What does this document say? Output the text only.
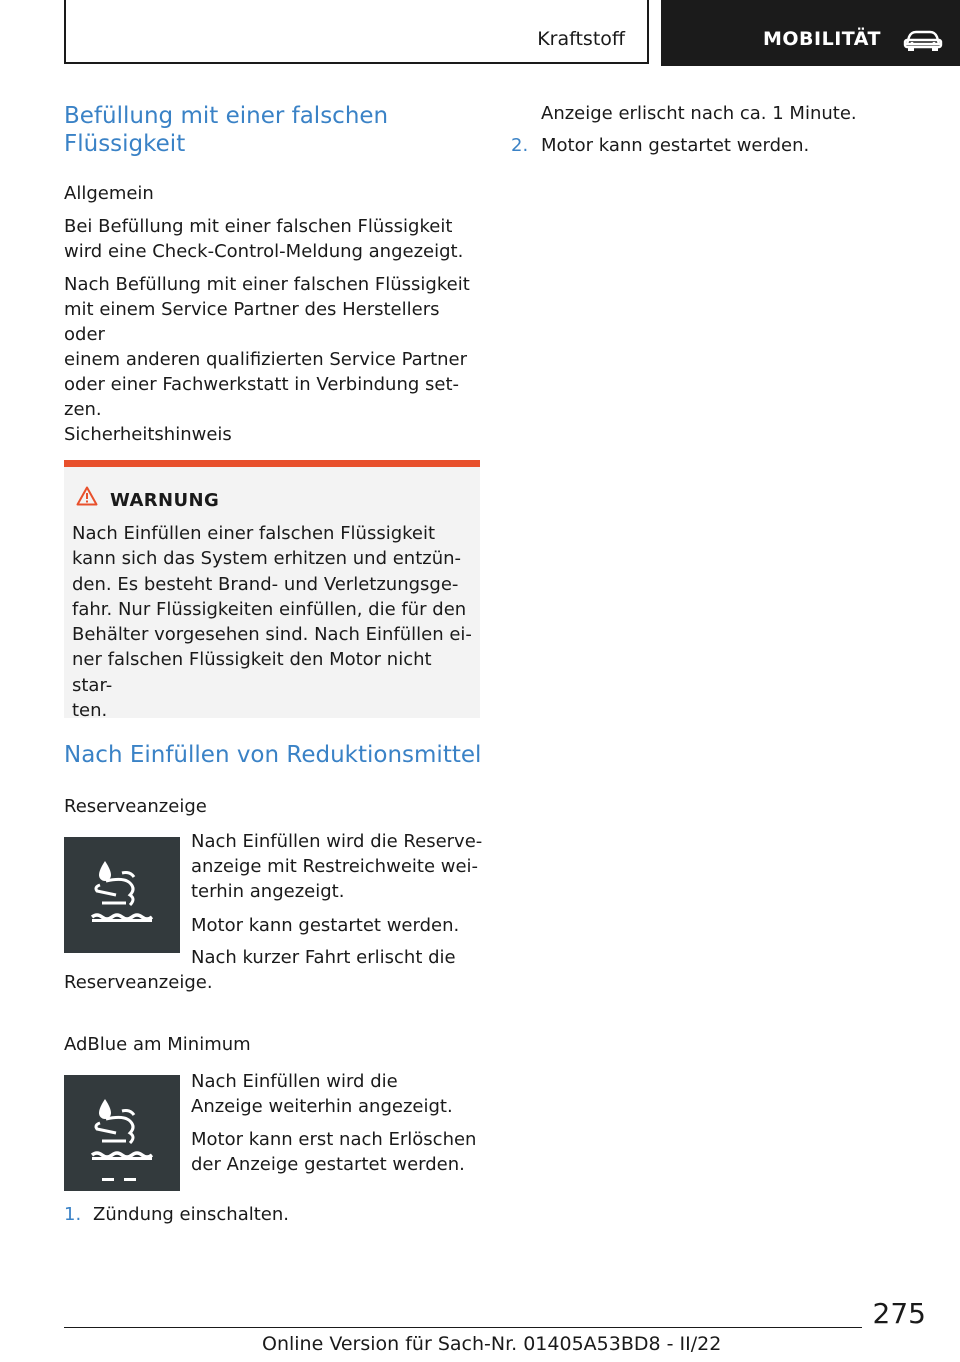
Kraftstoff	MOBILITÄT

Befüllung mit einer falschen
Flüssigkeit

Allgemein

Bei Befüllung mit einer falschen Flüssigkeit
wird eine Check-Control-Meldung angezeigt.

Nach Befüllung mit einer falschen Flüssigkeit
mit einem Service Partner des Herstellers oder
einem anderen qualifizierten Service Partner
oder einer Fachwerkstatt in Verbindung set-
zen.

Sicherheitshinweis

WARNUNG

Nach Einfüllen einer falschen Flüssigkeit
kann sich das System erhitzen und entzün-
den. Es besteht Brand- und Verletzungsge-
fahr. Nur Flüssigkeiten einfüllen, die für den
Behälter vorgesehen sind. Nach Einfüllen ei-
ner falschen Flüssigkeit den Motor nicht star-
ten.

Nach Einfüllen von Reduktionsmittel

Reserveanzeige

Nach Einfüllen wird die Reserve-
anzeige mit Restreichweite wei-
terhin angezeigt.

Motor kann gestartet werden.

Nach kurzer Fahrt erlischt die

Reserveanzeige.

AdBlue am Minimum

Nach Einfüllen wird die
Anzeige weiterhin angezeigt.

Motor kann erst nach Erlöschen
der Anzeige gestartet werden.

1. Zündung einschalten.
Anzeige erlischt nach ca. 1 Minute.
2. Motor kann gestartet werden.
275
Online Version für Sach-Nr. 01405A53BD8 - II/22
